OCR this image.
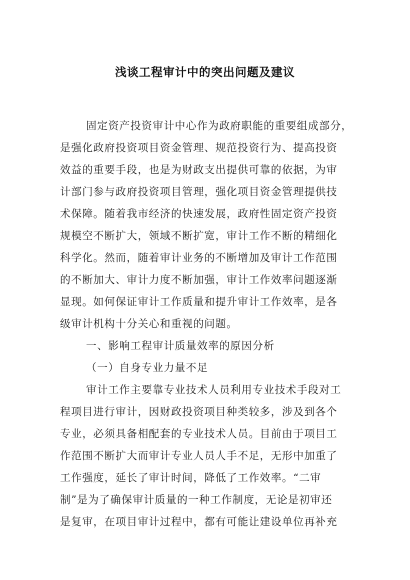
浅谈工程审计中的突出问题及建议
固定资产投资审计中心作为政府职能的重要组成部分，
是强化政府投资项目资金管理、规范投资行为、提高投资
效益的重要手段，也是为财政支出提供可靠的依据，为审
计部门参与政府投资项目管理，强化项目资金管理提供技
术保障。随着我市经济的快速发展，政府性固定资产投资
规模空不断扩大，领域不断扩宽，审计工作不断的精细化
科学化。然而，随着审计业务的不断增加及审计工作范围
的不断加大、审计力度不断加强，审计工作效率问题逐渐
显现。如何保证审计工作质量和提升审计工作效率，是各
级审计机构十分关心和重视的问题。
一、影响工程审计质量效率的原因分析
（一）自身专业力量不足
审计工作主要靠专业技术人员利用专业技术手段对工
程项目进行审计，因财政投资项目种类较多，涉及到各个
专业，必须具备相配套的专业技术人员。目前由于项目工
作范围不断扩大而审计专业人员人手不足，无形中加重了
工作强度，延长了审计时间，降低了工作效率。“二审
制”是为了确保审计质量的一种工作制度，无论是初审还
是复审，在项目审计过程中，都有可能让建设单位再补充
